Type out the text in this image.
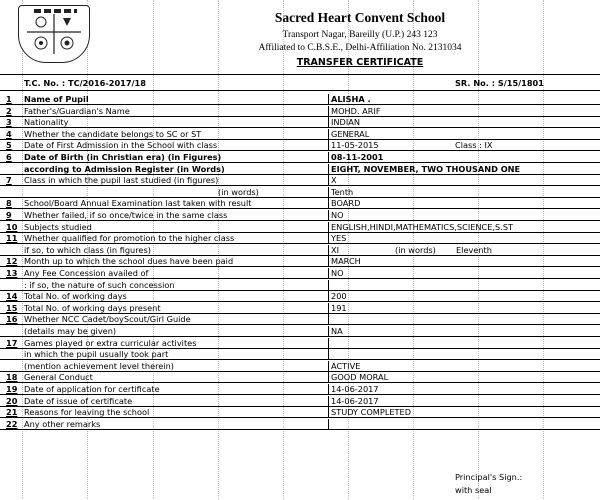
Sacred Heart Convent School
Transport Nagar, Bareilly (U.P.) 243 123
Affiliated to C.B.S.E., Delhi-Affiliation No. 2131034
TRANSFER CERTIFICATE
T.C. No. : TC/2016-2017/18	SR. No. : S/15/1801
1 Name of Pupil	ALISHA .
2 Father's/Guardian's Name	MOHD. ARIF
3 Nationality	INDIAN
4 Whether the candidate belongs to SC or ST	GENERAL
5 Date of First Admission in the School with class	11-05-2015	Class : IX
6 Date of Birth (in Christian era) (in Figures)	08-11-2001
according to Admission Register (in Words)	EIGHT, NOVEMBER, TWO THOUSAND ONE
7 Class in which the pupil last studied (in figures)	X
(in words)	Tenth
8 School/Board Annual Examination last taken with result	BOARD
9 Whether failed, if so once/twice in the same class	NO
10 Subjects studied	ENGLISH,HINDI,MATHEMATICS,SCIENCE,S.ST
11 Whether qualified for promotion to the higher class	YES
if so, to which class (in figures)	XI	(in words) Eleventh
12 Month up to which the school dues have been paid	MARCH
13 Any Fee Concession availed of	NO
: if so, the nature of such concession
14 Total No. of working days	200
15 Total No. of working days present	191
16 Whether NCC Cadet/boyScout/Girl Guide
(details may be given)	NA
17 Games played or extra curricular activites
in which the pupil usually took part
(mention achievement level therein)	ACTIVE
18 General Conduct	GOOD MORAL
19 Date of application for certificate	14-06-2017
20 Date of issue of certificate	14-06-2017
21 Reasons for leaving the school	STUDY COMPLETED
22 Any other remarks
Principal's Sign.:
with seal
